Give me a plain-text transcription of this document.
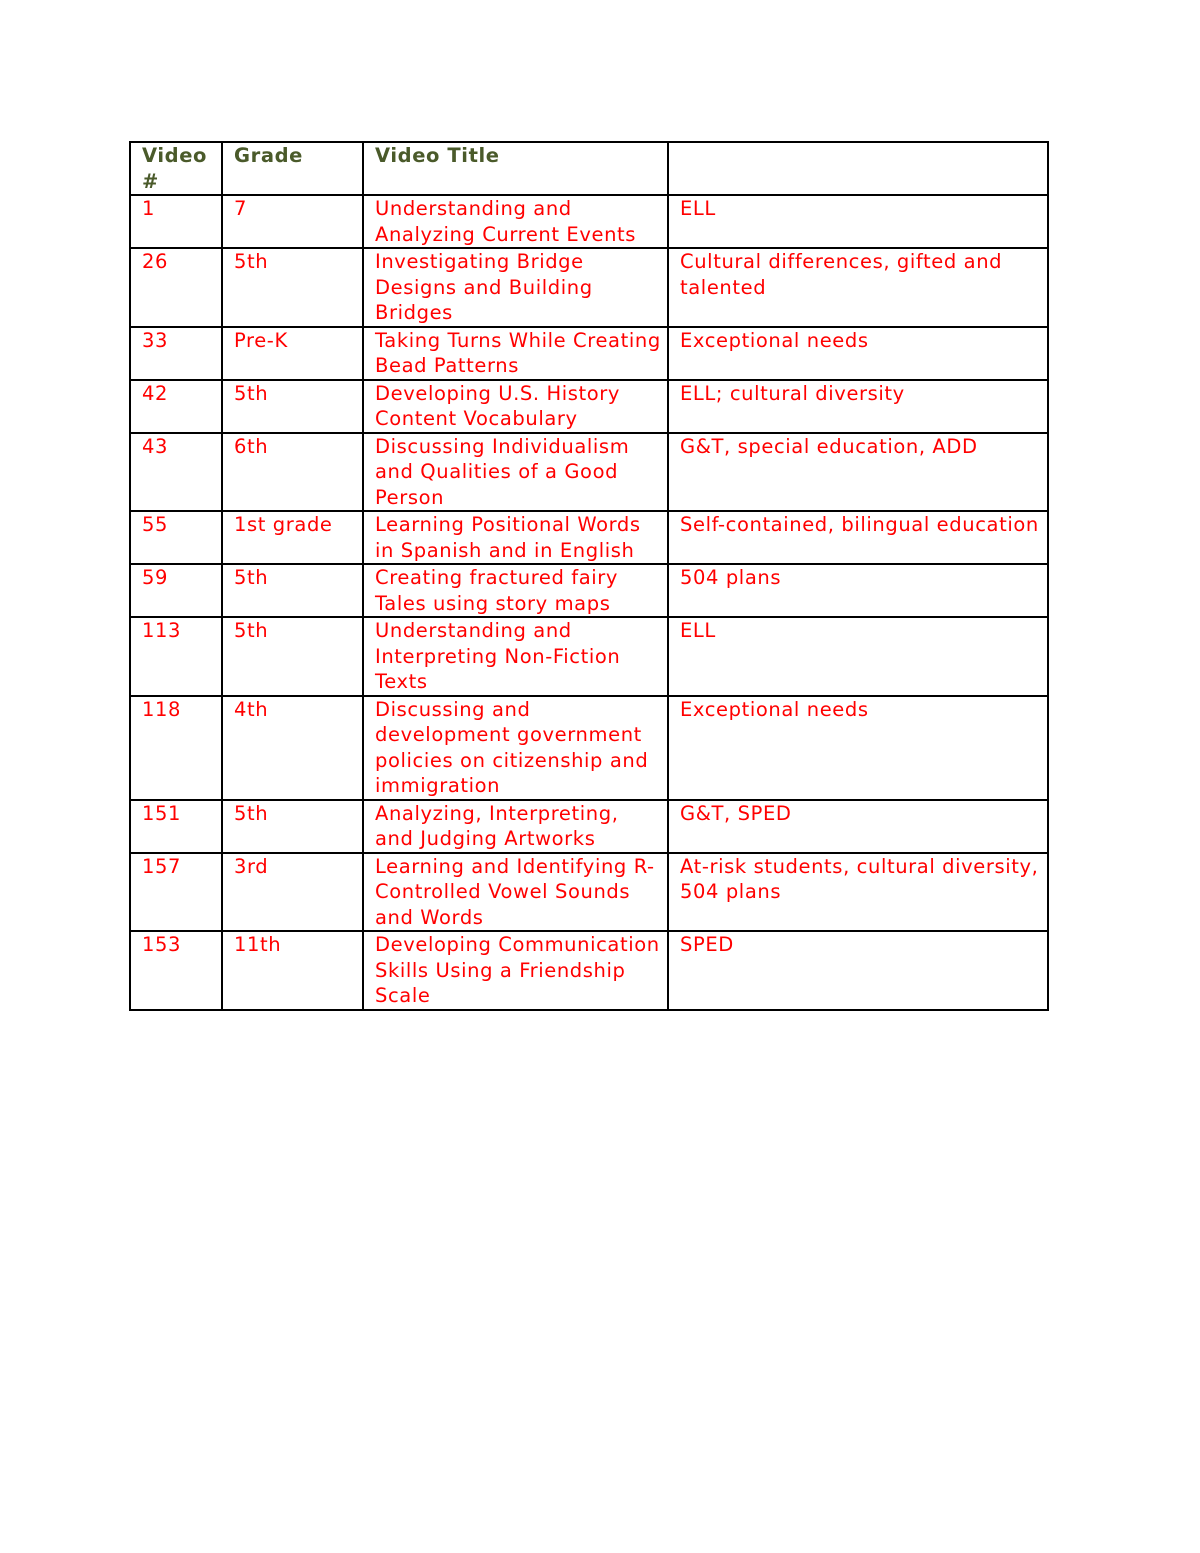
Video #	Grade	Video Title	
1	7	Understanding and Analyzing Current Events	ELL
26	5th	Investigating Bridge Designs and Building Bridges	Cultural differences, gifted and talented
33	Pre-K	Taking Turns While Creating Bead Patterns	Exceptional needs
42	5th	Developing U.S. History Content Vocabulary	ELL; cultural diversity
43	6th	Discussing Individualism and Qualities of a Good Person	G&T, special education, ADD
55	1st grade	Learning Positional Words in Spanish and in English	Self-contained, bilingual education
59	5th	Creating fractured fairy Tales using story maps	504 plans
113	5th	Understanding and Interpreting Non-Fiction Texts	ELL
118	4th	Discussing and development government policies on citizenship and immigration	Exceptional needs
151	5th	Analyzing, Interpreting, and Judging Artworks	G&T, SPED
157	3rd	Learning and Identifying R-Controlled Vowel Sounds and Words	At-risk students, cultural diversity, 504 plans
153	11th	Developing Communication Skills Using a Friendship Scale	SPED
